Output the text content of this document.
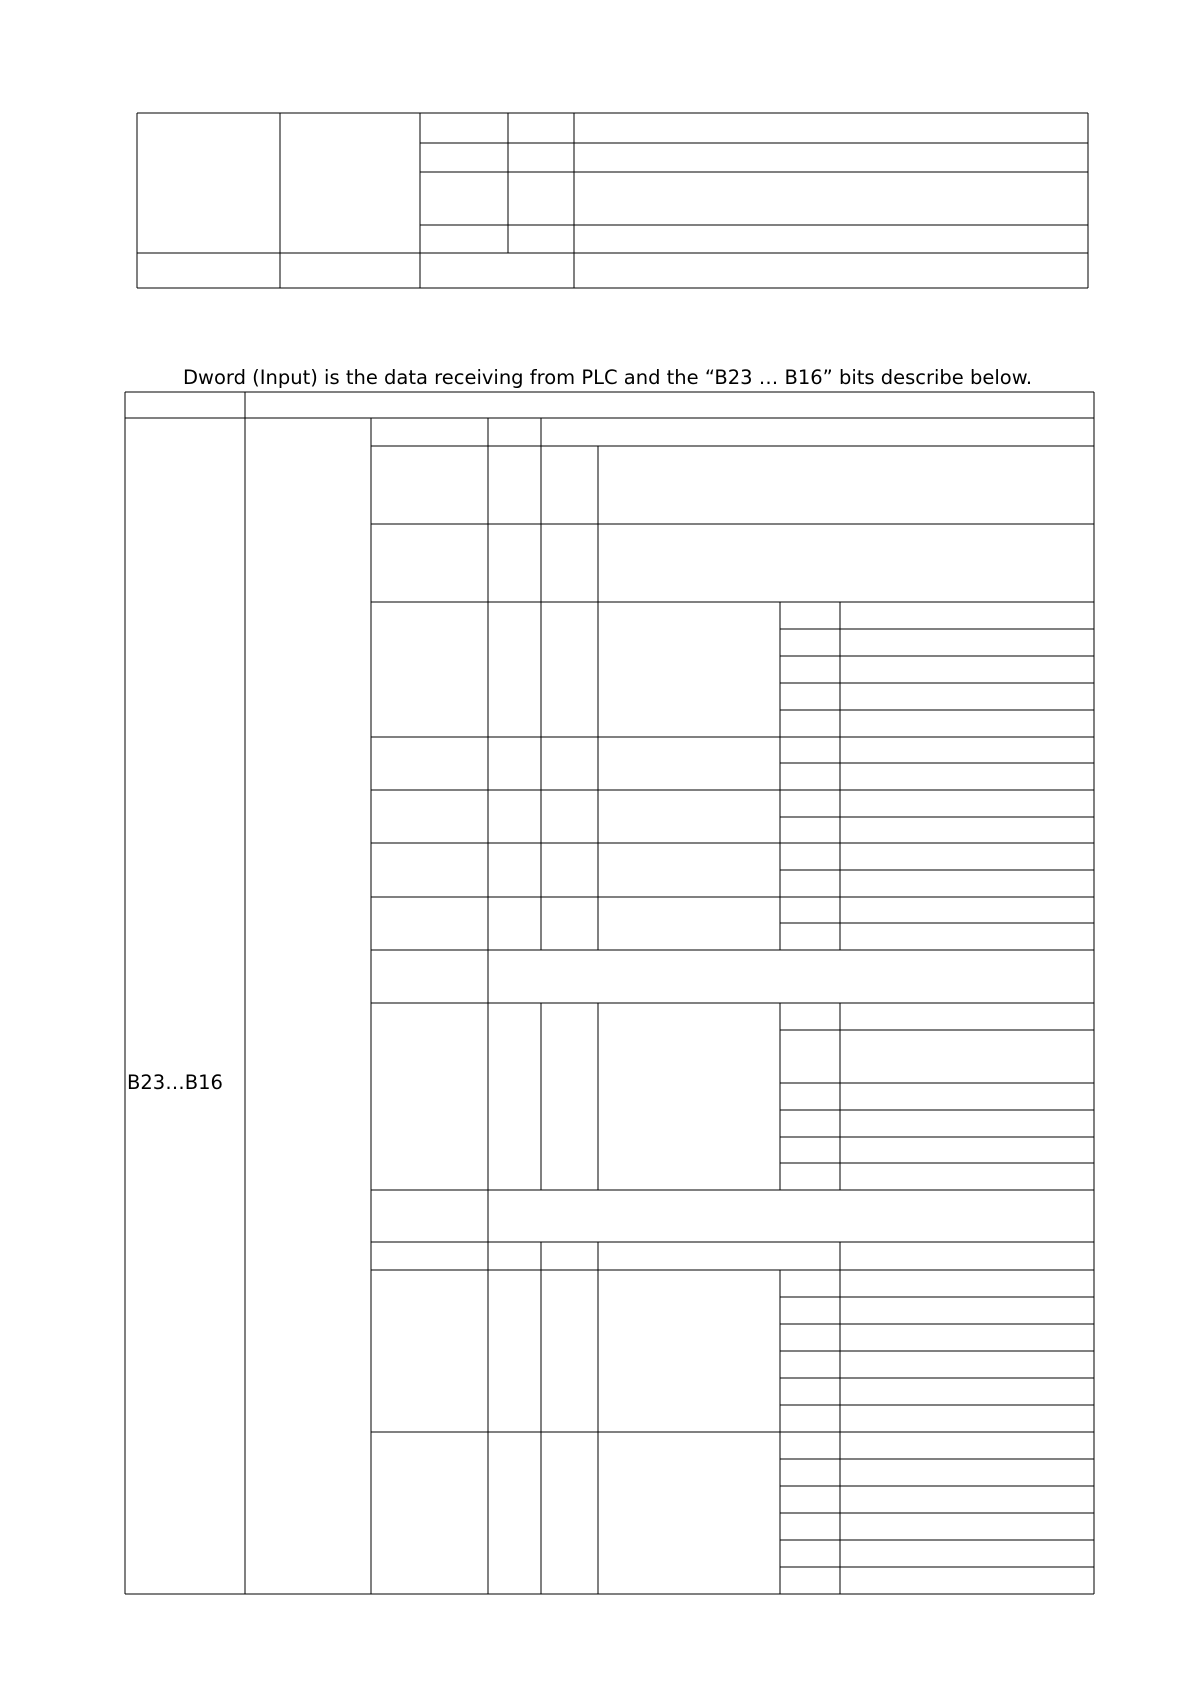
Dword (Input) is the data receiving from PLC and the “B23 … B16” bits describe below.
B23…B16
